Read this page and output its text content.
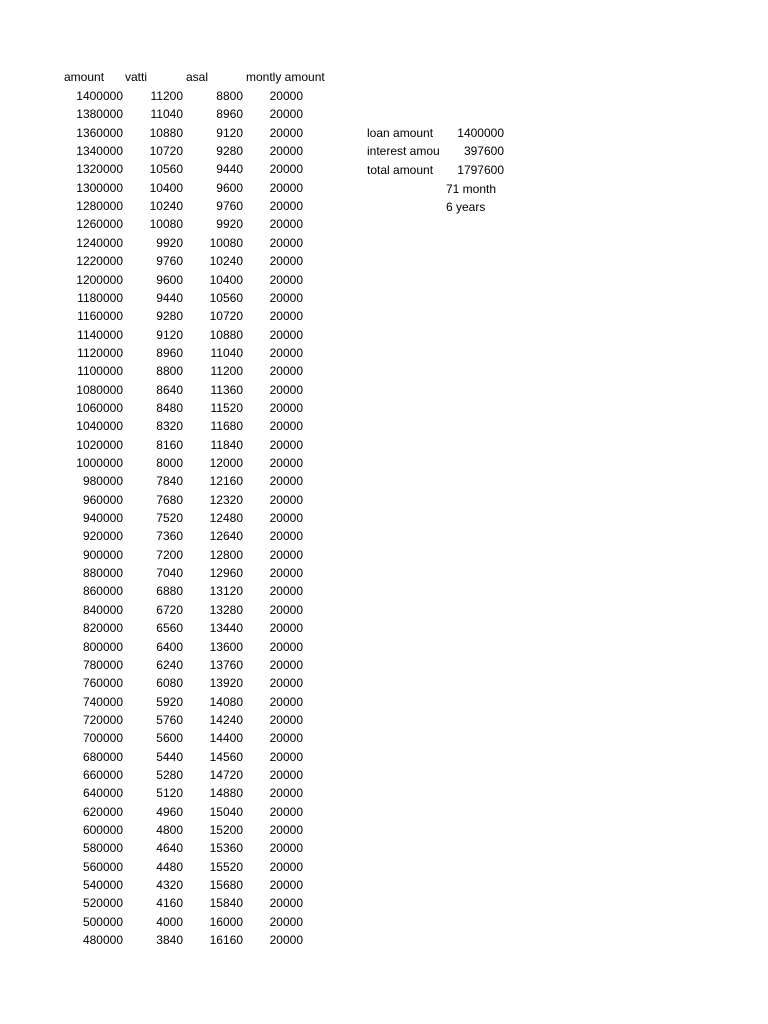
amount vatti	asal	montly amount
1400000	11200	8800	20000
1380000	11040	8960	20000
1360000	10880	9120	20000
1340000	10720	9280	20000
1320000	10560	9440	20000
1300000	10400	9600	20000
1280000	10240	9760	20000
1260000	10080	9920	20000
1240000	9920	10080	20000
1220000	9760	10240	20000
1200000	9600	10400	20000
1180000	9440	10560	20000
1160000	9280	10720	20000
1140000	9120	10880	20000
1120000	8960	11040	20000
1100000	8800	11200	20000
1080000	8640	11360	20000
1060000	8480	11520	20000
1040000	8320	11680	20000
1020000	8160	11840	20000
1000000	8000	12000	20000
980000	7840	12160	20000
960000	7680	12320	20000
940000	7520	12480	20000
920000	7360	12640	20000
900000	7200	12800	20000
880000	7040	12960	20000
860000	6880	13120	20000
840000	6720	13280	20000
820000	6560	13440	20000
800000	6400	13600	20000
780000	6240	13760	20000
760000	6080	13920	20000
740000	5920	14080	20000
720000	5760	14240	20000
700000	5600	14400	20000
680000	5440	14560	20000
660000	5280	14720	20000
640000	5120	14880	20000
620000	4960	15040	20000
600000	4800	15200	20000
580000	4640	15360	20000
560000	4480	15520	20000
540000	4320	15680	20000
520000	4160	15840	20000
500000	4000	16000	20000
480000	3840	16160	20000
loan amount	1400000
interest amou	397600
total amount	1797600
71 month
6 years
